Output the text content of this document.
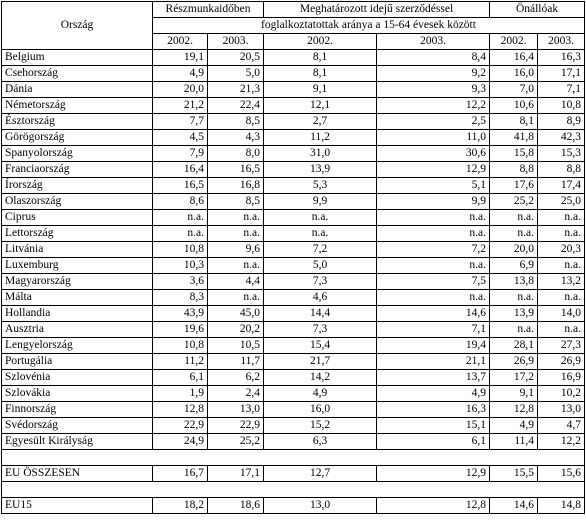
Ország	Részmunkaidőben		Meghatározott idejű szerződéssel		Önállóak	
	foglalkoztatottak aránya a 15-64 évesek között					
	2002.	2003.	2002.	2003.	2002.	2003.
Belgium	19,1	20,5	8,1	8,4	16,4	16,3
Csehország	4,9	5,0	8,1	9,2	16,0	17,1
Dánia	20,0	21,3	9,1	9,3	7,0	7,1
Németország	21,2	22,4	12,1	12,2	10,6	10,8
Észtország	7,7	8,5	2,7	2,5	8,1	8,9
Görögország	4,5	4,3	11,2	11,0	41,8	42,3
Spanyolország	7,9	8,0	31,0	30,6	15,8	15,3
Franciaország	16,4	16,5	13,9	12,9	8,8	8,8
Írország	16,5	16,8	5,3	5,1	17,6	17,4
Olaszország	8,6	8,5	9,9	9,9	25,2	25,0
Ciprus	n.a.	n.a.	n.a.	n.a.	n.a.	n.a.
Lettország	n.a.	n.a.	n.a.	n.a.	n.a.	n.a.
Litvánia	10,8	9,6	7,2	7,2	20,0	20,3
Luxemburg	10,3	n.a.	5,0	n.a.	6,9	n.a.
Magyarország	3,6	4,4	7,3	7,5	13,8	13,2
Málta	8,3	n.a.	4,6	n.a.	n.a.	n.a.
Hollandia	43,9	45,0	14,4	14,6	13,9	14,0
Ausztria	19,6	20,2	7,3	7,1	n.a.	n.a.
Lengyelország	10,8	10,5	15,4	19,4	28,1	27,3
Portugália	11,2	11,7	21,7	21,1	26,9	26,9
Szlovénia	6,1	6,2	14,2	13,7	17,2	16,9
Szlovákia	1,9	2,4	4,9	4,9	9,1	10,2
Finnország	12,8	13,0	16,0	16,3	12,8	13,0
Svédország	22,9	22,9	15,2	15,1	4,9	4,7
Egyesült Királyság	24,9	25,2	6,3	6,1	11,4	12,2

EU ÖSSZESEN	16,7	17,1	12,7	12,9	15,5	15,6

EU15	18,2	18,6	13,0	12,8	14,6	14,8
